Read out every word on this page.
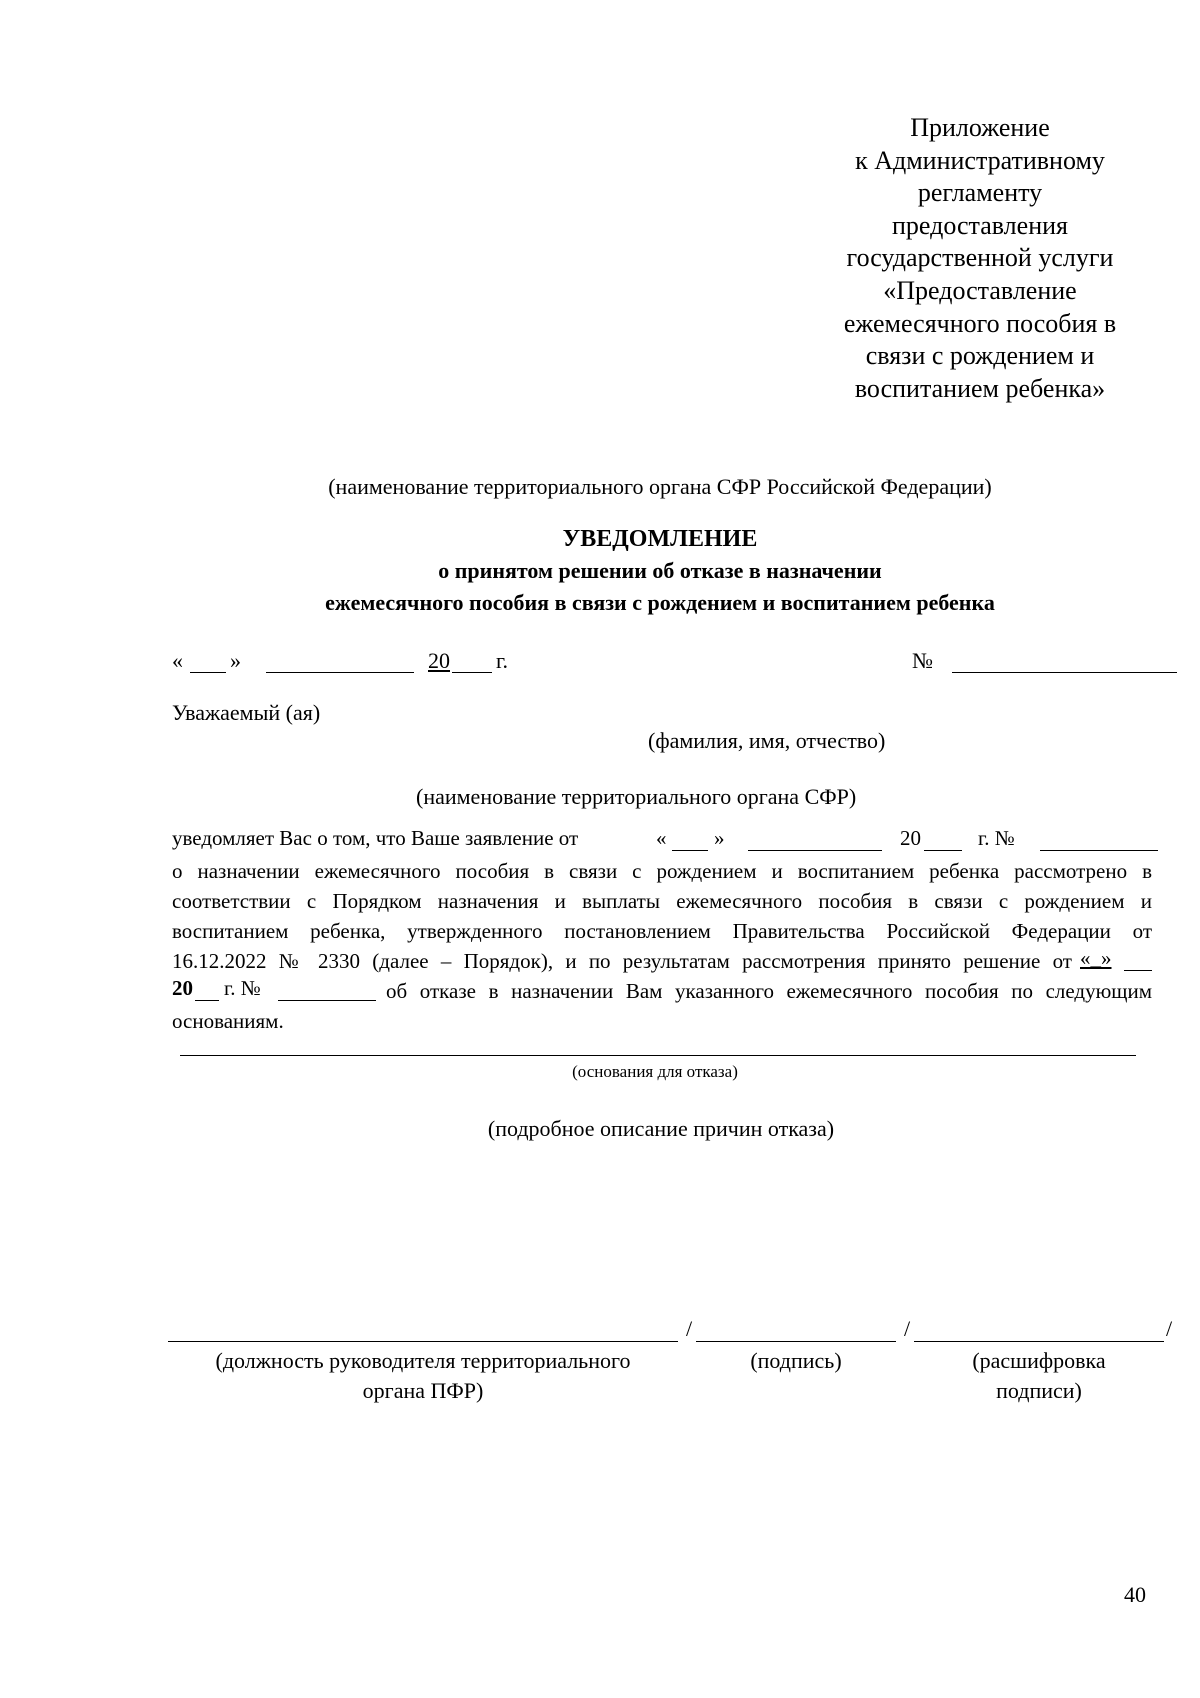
Приложение
к Административному
регламенту
предоставления
государственной услуги
«Предоставление
ежемесячного пособия в
связи с рождением и
воспитанием ребенка»
(наименование территориального органа СФР Российской Федерации)
УВЕДОМЛЕНИЕ
о принятом решении об отказе в назначении
ежемесячного пособия в связи с рождением и воспитанием ребенка
« »	20 г.	№
Уважаемый (ая)
(фамилия, имя, отчество)
(наименование территориального органа СФР)
уведомляет Вас о том, что Ваше заявление от	« »	20	г. №
о назначении ежемесячного пособия в связи с рождением и воспитанием ребенка рассмотрено в
соответствии с Порядком назначения и выплаты ежемесячного пособия в связи с рождением и
воспитанием ребенка, утвержденного постановлением Правительства Российской Федерации от
16.12.2022 № 2330 (далее – Порядок), и по результатам рассмотрения принято решение от «_»
20 г. №	об отказе в назначении Вам указанного ежемесячного пособия по следующим
основаниям.
(основания для отказа)
(подробное описание причин отказа)
/	/	/
(должность руководителя территориального
органа ПФР)
(подпись)	(расшифровка
подписи)
40
